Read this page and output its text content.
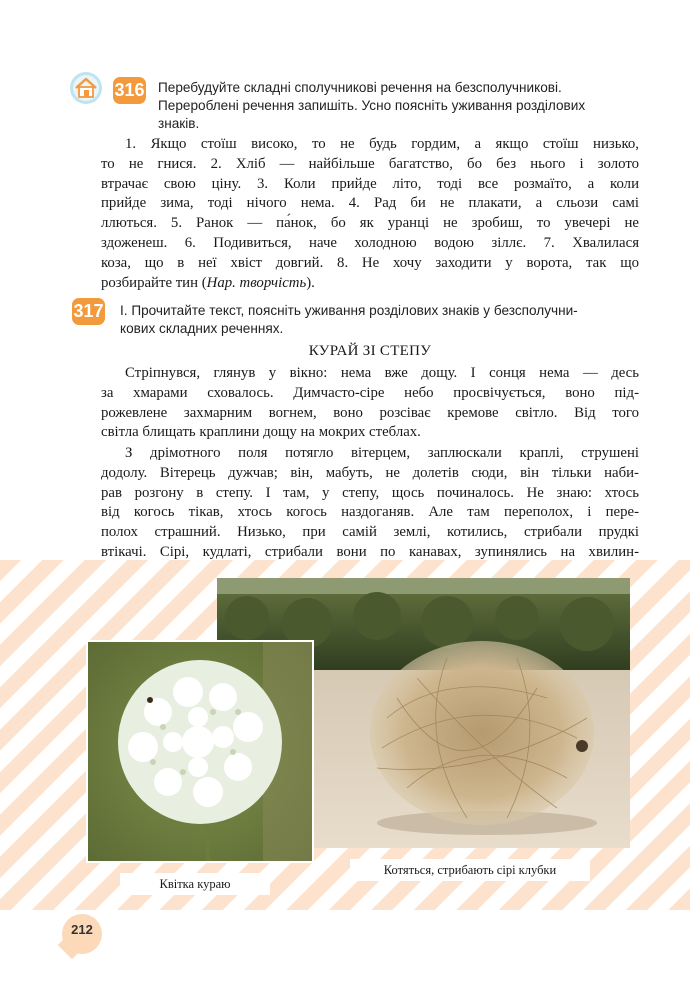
316 Перебудуйте складні сполучникові речення на безсполучникові.
Перероблені речення запишіть. Усно поясніть уживання розділових
знаків.
1. Якщо стоїш високо, то не будь гордим, а якщо стоїш низько,
то не гнися. 2. Хліб — найбільше багатство, бо без нього і золото
втрачає свою ціну. 3. Коли прийде літо, тоді все розмаїто, а коли
прийде зима, тоді нічого нема. 4. Рад би не плакати, а сльози самі
ллються. 5. Ранок — па́нок, бо як уранці не зробиш, то увечері не
здоженеш. 6. Подивиться, наче холодною водою зіллє. 7. Хвалилася
коза, що в неї хвіст довгий. 8. Не хочу заходити у ворота, так що
розбирайте тин (Нар. творчість).
317 І. Прочитайте текст, поясніть уживання розділових знаків у безсполучни-
кових складних реченнях.
КУРАЙ ЗІ СТЕПУ
Стріпнувся, глянув у вікно: нема вже дощу. І сонця нема — десь
за хмарами сховалось. Димчасто-сіре небо просвічується, воно під-
рожевлене захмарним вогнем, воно розсіває кремове світло. Від того
світла блищать краплини дощу на мокрих стеблах.
З дрімотного поля потягло вітерцем, заплюскали краплі, струшені
додолу. Вітерець дужчав; він, мабуть, не долетів сюди, він тільки наби-
рав розгону в степу. І там, у степу, щось починалось. Не знаю: хтось
від когось тікав, хтось когось наздоганяв. Але там переполох, і пере-
полох страшний. Низько, при самій землі, котились, стрибали прудкі
втікачі. Сірі, кудлаті, стрибали вони по канавах, зупинялись на хвилин-
Квітка кураю
Котяться, стрибають сірі клубки
212
